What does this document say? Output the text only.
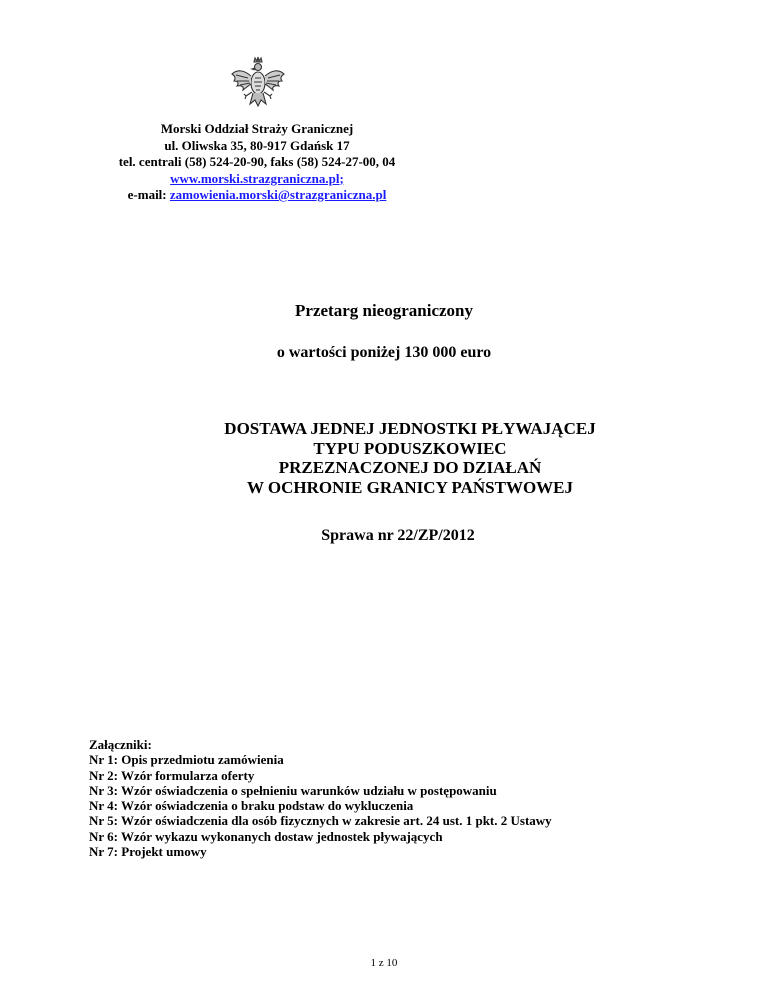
Morski Oddział Straży Granicznej
ul. Oliwska 35, 80-917 Gdańsk 17
tel. centrali (58) 524-20-90, faks (58) 524-27-00, 04
www.morski.strazgraniczna.pl;
e-mail: zamowienia.morski@strazgraniczna.pl
Przetarg nieograniczony
o wartości poniżej 130 000 euro
DOSTAWA JEDNEJ JEDNOSTKI PŁYWAJĄCEJ
TYPU PODUSZKOWIEC
PRZEZNACZONEJ DO DZIAŁAŃ
W OCHRONIE GRANICY PAŃSTWOWEJ
Sprawa nr 22/ZP/2012
Załączniki:
Nr 1: Opis przedmiotu zamówienia
Nr 2: Wzór formularza oferty
Nr 3: Wzór oświadczenia o spełnieniu warunków udziału w postępowaniu
Nr 4: Wzór oświadczenia o braku podstaw do wykluczenia
Nr 5: Wzór oświadczenia dla osób fizycznych w zakresie art. 24 ust. 1 pkt. 2 Ustawy
Nr 6: Wzór wykazu wykonanych dostaw jednostek pływających
Nr 7: Projekt umowy
1 z 10
